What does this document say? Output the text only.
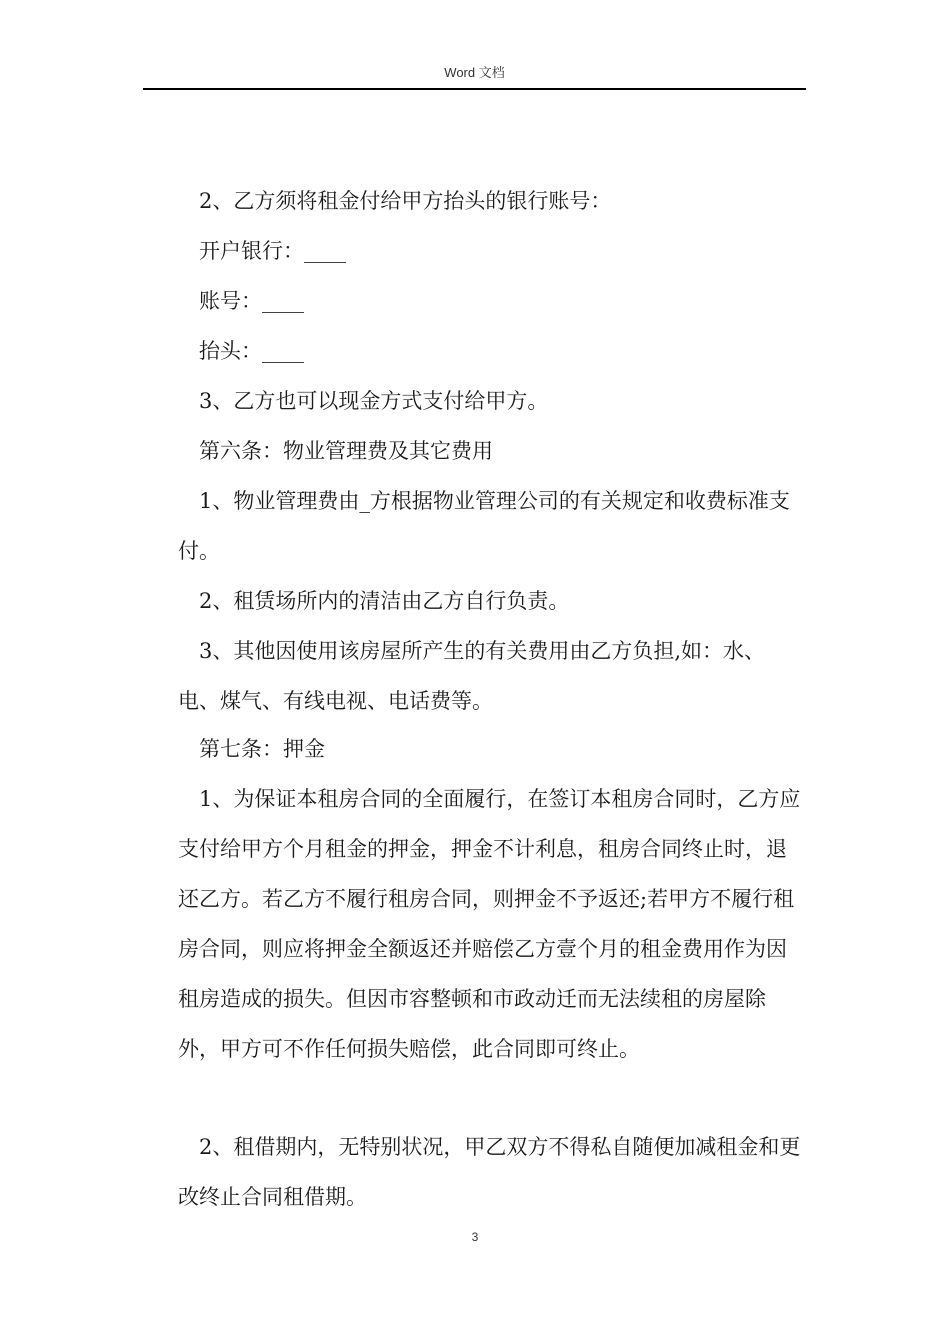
Word 文档

2、乙方须将租金付给甲方抬头的银行账号：

开户银行：____

账号：____

抬头：____

3、乙方也可以现金方式支付给甲方。

第六条：物业管理费及其它费用

1、物业管理费由_方根据物业管理公司的有关规定和收费标准支付。

2、租赁场所内的清洁由乙方自行负责。

3、其他因使用该房屋所产生的有关费用由乙方负担,如：水、电、煤气、有线电视、电话费等。

第七条：押金

1、为保证本租房合同的全面履行，在签订本租房合同时，乙方应支付给甲方个月租金的押金，押金不计利息，租房合同终止时，退还乙方。若乙方不履行租房合同，则押金不予返还;若甲方不履行租房合同，则应将押金全额返还并赔偿乙方壹个月的租金费用作为因租房造成的损失。但因市容整顿和市政动迁而无法续租的房屋除外，甲方可不作任何损失赔偿，此合同即可终止。

2、租借期内，无特别状况，甲乙双方不得私自随便加减租金和更改终止合同租借期。

3
